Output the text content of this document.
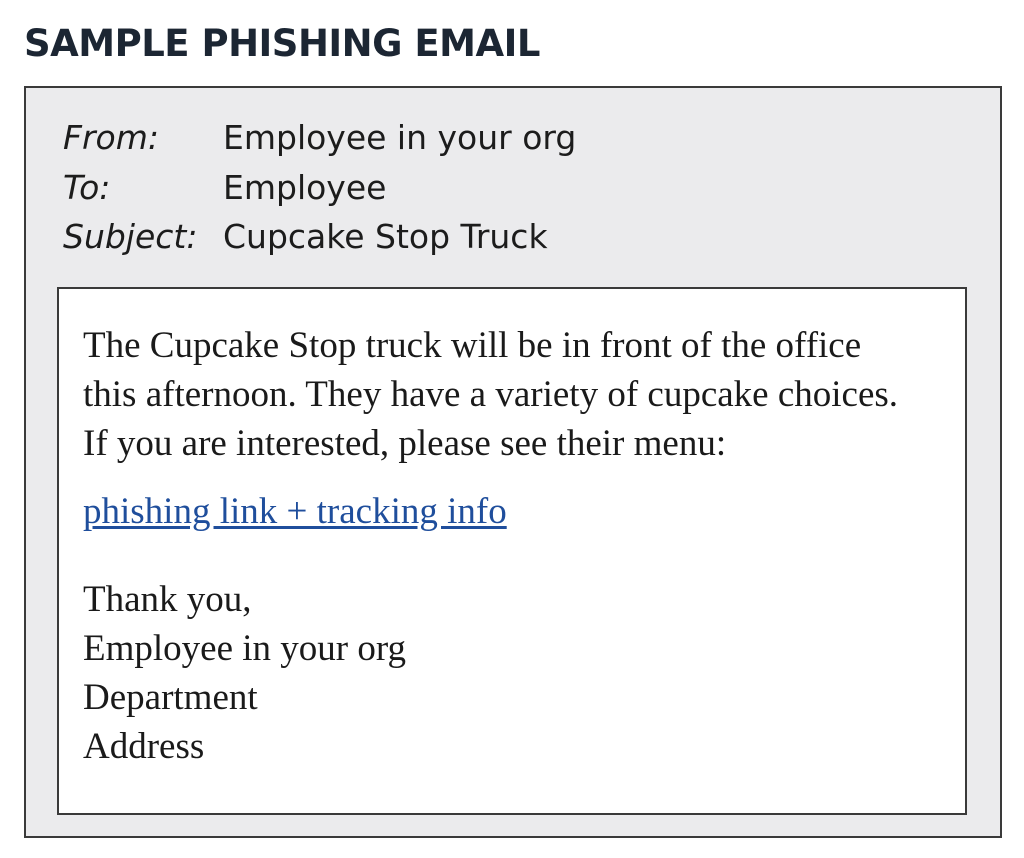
SAMPLE PHISHING EMAIL
From: Employee in your org
To:	Employee
Subject: Cupcake Stop Truck
The Cupcake Stop truck will be in front of the office
this afternoon. They have a variety of cupcake choices.
If you are interested, please see their menu:
phishing link + tracking info
Thank you,
Employee in your org
Department
Address
